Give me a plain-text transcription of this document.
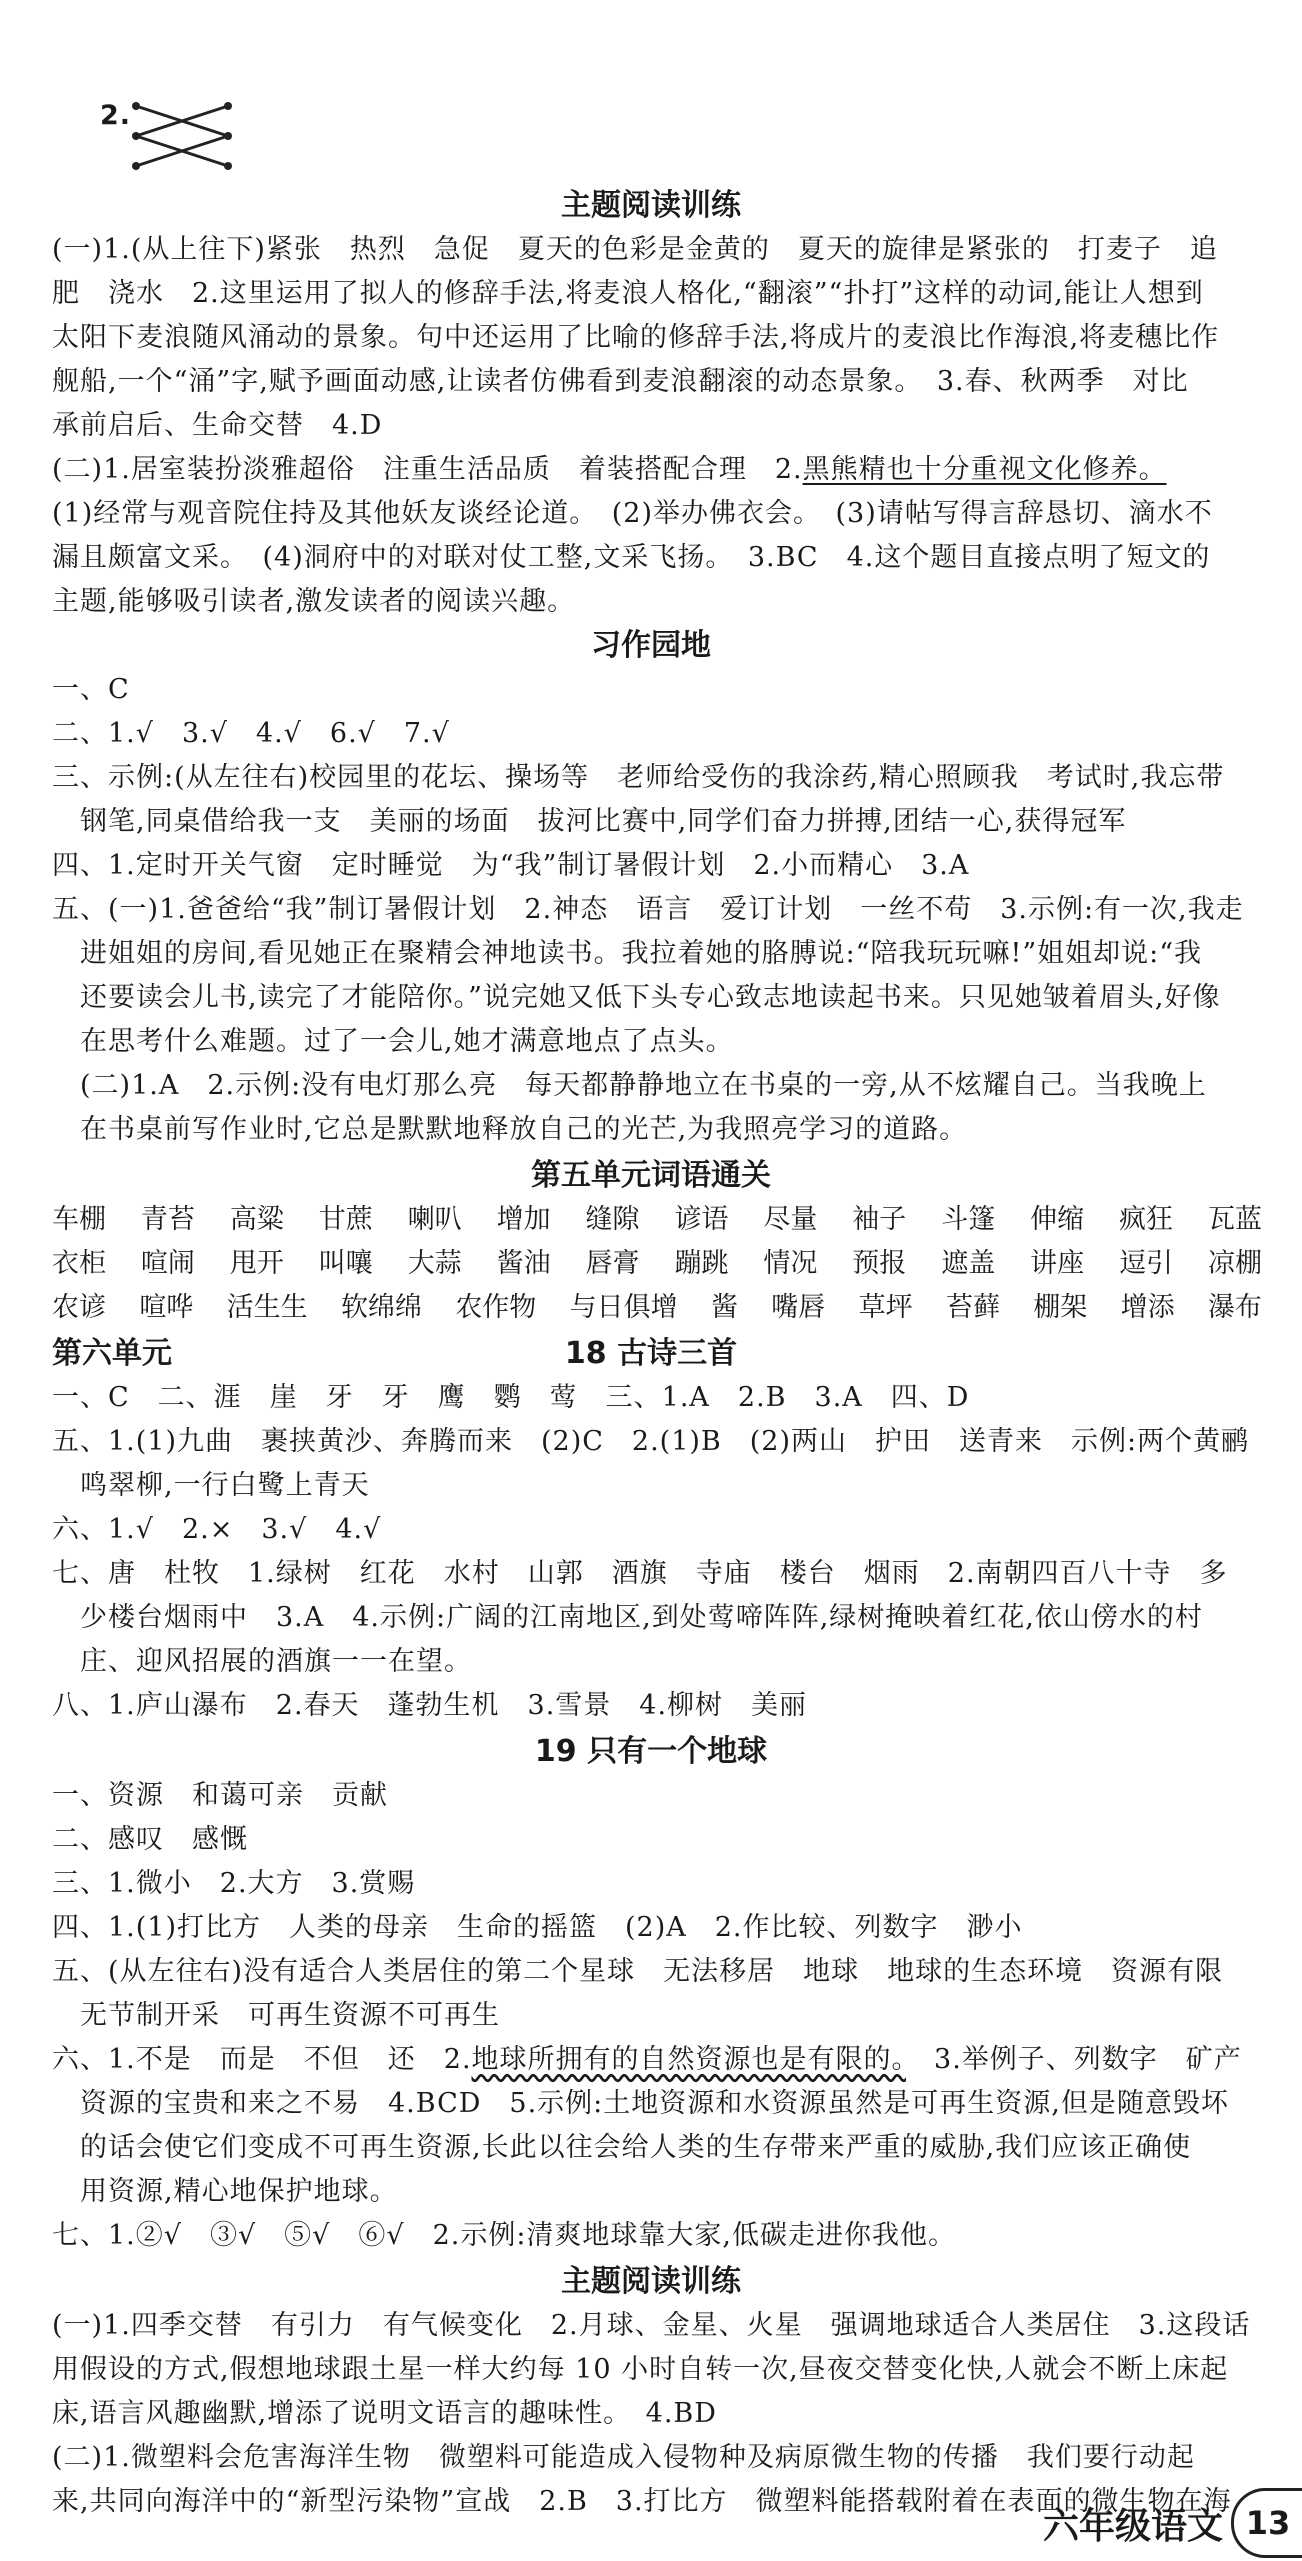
2.
主题阅读训练
(一)1.(从上往下)紧张　热烈　急促　夏天的色彩是金黄的　夏天的旋律是紧张的　打麦子　追
肥　浇水　2.这里运用了拟人的修辞手法,将麦浪人格化,“翻滚”“扑打”这样的动词,能让人想到
太阳下麦浪随风涌动的景象。句中还运用了比喻的修辞手法,将成片的麦浪比作海浪,将麦穗比作
舰船,一个“涌”字,赋予画面动感,让读者仿佛看到麦浪翻滚的动态景象。　3.春、秋两季　对比
承前启后、生命交替　4.D
(二)1.居室装扮淡雅超俗　注重生活品质　着装搭配合理　2.黑熊精也十分重视文化修养。
(1)经常与观音院住持及其他妖友谈经论道。　(2)举办佛衣会。　(3)请帖写得言辞恳切、滴水不
漏且颇富文采。　(4)洞府中的对联对仗工整,文采飞扬。　3.BC　4.这个题目直接点明了短文的
主题,能够吸引读者,激发读者的阅读兴趣。
习作园地
一、C
二、1.√　3.√　4.√　6.√　7.√
三、示例:(从左往右)校园里的花坛、操场等　老师给受伤的我涂药,精心照顾我　考试时,我忘带
　钢笔,同桌借给我一支　美丽的场面　拔河比赛中,同学们奋力拼搏,团结一心,获得冠军
四、1.定时开关气窗　定时睡觉　为“我”制订暑假计划　2.小而精心　3.A
五、(一)1.爸爸给“我”制订暑假计划　2.神态　语言　爱订计划　一丝不苟　3.示例:有一次,我走
　进姐姐的房间,看见她正在聚精会神地读书。我拉着她的胳膊说:“陪我玩玩嘛!”姐姐却说:“我
　还要读会儿书,读完了才能陪你。”说完她又低下头专心致志地读起书来。只见她皱着眉头,好像
　在思考什么难题。过了一会儿,她才满意地点了点头。
　(二)1.A　2.示例:没有电灯那么亮　每天都静静地立在书桌的一旁,从不炫耀自己。当我晚上
　在书桌前写作业时,它总是默默地释放自己的光芒,为我照亮学习的道路。
第五单元词语通关
车棚 青苔 高粱 甘蔗 喇叭 增加 缝隙 谚语 尽量 袖子 斗篷 伸缩 疯狂 瓦蓝
衣柜 喧闹 甩开 叫嚷 大蒜 酱油 唇膏 蹦跳 情况 预报 遮盖 讲座 逗引 凉棚
农谚 喧哗 活生生 软绵绵 农作物 与日俱增 酱 嘴唇 草坪 苔藓 棚架 增添 瀑布
第六单元	18 古诗三首
一、C　二、涯　崖　牙　牙　鹰　鹦　莺　三、1.A　2.B　3.A　四、D
五、1.(1)九曲　裹挟黄沙、奔腾而来　(2)C　2.(1)B　(2)两山　护田　送青来　示例:两个黄鹂
　鸣翠柳,一行白鹭上青天
六、1.√　2.×　3.√　4.√
七、唐　杜牧　1.绿树　红花　水村　山郭　酒旗　寺庙　楼台　烟雨　2.南朝四百八十寺　多
　少楼台烟雨中　3.A　4.示例:广阔的江南地区,到处莺啼阵阵,绿树掩映着红花,依山傍水的村
　庄、迎风招展的酒旗一一在望。
八、1.庐山瀑布　2.春天　蓬勃生机　3.雪景　4.柳树　美丽
19 只有一个地球
一、资源　和蔼可亲　贡献
二、感叹　感慨
三、1.微小　2.大方　3.赏赐
四、1.(1)打比方　人类的母亲　生命的摇篮　(2)A　2.作比较、列数字　渺小
五、(从左往右)没有适合人类居住的第二个星球　无法移居　地球　地球的生态环境　资源有限
　无节制开采　可再生资源不可再生
六、1.不是　而是　不但　还　2.地球所拥有的自然资源也是有限的。　3.举例子、列数字　矿产
　资源的宝贵和来之不易　4.BCD　5.示例:土地资源和水资源虽然是可再生资源,但是随意毁坏
　的话会使它们变成不可再生资源,长此以往会给人类的生存带来严重的威胁,我们应该正确使
　用资源,精心地保护地球。
七、1.②√　③√　⑤√　⑥√　2.示例:清爽地球靠大家,低碳走进你我他。
主题阅读训练
(一)1.四季交替　有引力　有气候变化　2.月球、金星、火星　强调地球适合人类居住　3.这段话
用假设的方式,假想地球跟土星一样大约每 10 小时自转一次,昼夜交替变化快,人就会不断上床起
床,语言风趣幽默,增添了说明文语言的趣味性。　4.BD
(二)1.微塑料会危害海洋生物　微塑料可能造成入侵物种及病原微生物的传播　我们要行动起
来,共同向海洋中的“新型污染物”宣战　2.B　3.打比方　微塑料能搭载附着在表面的微生物在海
六年级语文 13
